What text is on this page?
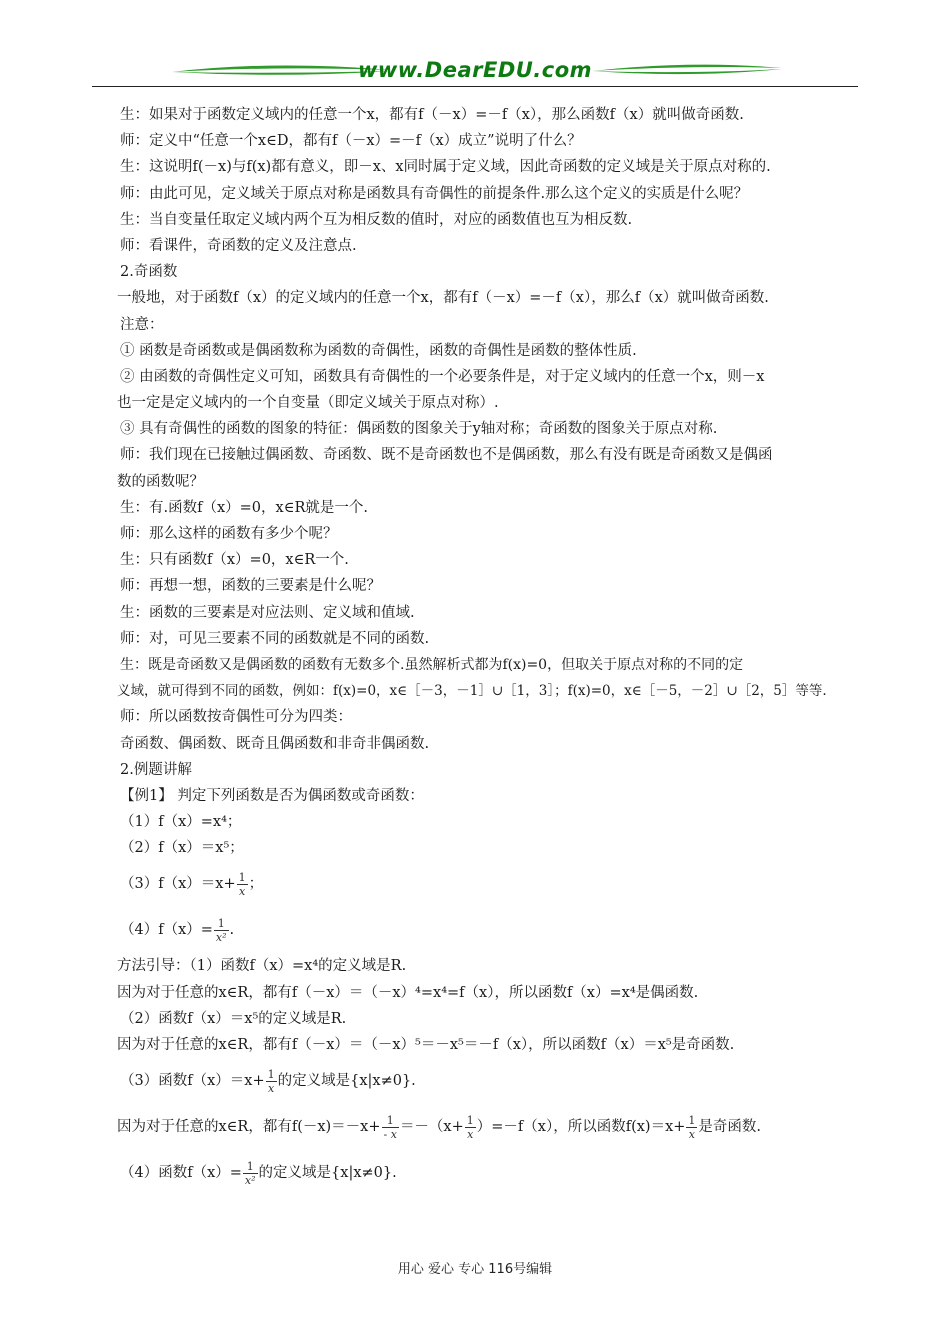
www.DearEDU.com
生：如果对于函数定义域内的任意一个x，都有f（－x）=－f（x），那么函数f（x）就叫做奇函数.
师：定义中“任意一个x∈D，都有f（－x）=－f（x）成立”说明了什么？
生：这说明f(－x)与f(x)都有意义，即－x、x同时属于定义域，因此奇函数的定义域是关于原点对称的.
师：由此可见，定义域关于原点对称是函数具有奇偶性的前提条件.那么这个定义的实质是什么呢？
生：当自变量任取定义域内两个互为相反数的值时，对应的函数值也互为相反数.
师：看课件，奇函数的定义及注意点.
2.奇函数
一般地，对于函数f（x）的定义域内的任意一个x，都有f（－x）=－f（x），那么f（x）就叫做奇函数.
注意：
① 函数是奇函数或是偶函数称为函数的奇偶性，函数的奇偶性是函数的整体性质.
② 由函数的奇偶性定义可知，函数具有奇偶性的一个必要条件是，对于定义域内的任意一个x，则－x
也一定是定义域内的一个自变量（即定义域关于原点对称）.
③ 具有奇偶性的函数的图象的特征：偶函数的图象关于y轴对称；奇函数的图象关于原点对称.
师：我们现在已接触过偶函数、奇函数、既不是奇函数也不是偶函数，那么有没有既是奇函数又是偶函
数的函数呢？
生：有.函数f（x）=0，x∈R就是一个.
师：那么这样的函数有多少个呢？
生：只有函数f（x）=0，x∈R一个.
师：再想一想，函数的三要素是什么呢？
生：函数的三要素是对应法则、定义域和值域.
师：对，可见三要素不同的函数就是不同的函数.
生：既是奇函数又是偶函数的函数有无数多个.虽然解析式都为f(x)=0，但取关于原点对称的不同的定
义域，就可得到不同的函数，例如：f(x)=0，x∈［－3，－1］∪［1，3］；f(x)=0，x∈［－5，－2］∪［2，5］等等.
师：所以函数按奇偶性可分为四类：
奇函数、偶函数、既奇且偶函数和非奇非偶函数.
2.例题讲解
【例1】 判定下列函数是否为偶函数或奇函数：
（1）f（x）=x⁴；
（2）f（x）＝x⁵；
$(3)f(x)=x+ \frac{1}{x}$ ；
$(4)f(x)= \frac{1}{\text{x²}}$ .
方法引导：（1）函数f（x）=x⁴的定义域是R.
因为对于任意的x∈R，都有f（－x）＝（－x）⁴=x⁴=f（x），所以函数f（x）=x⁴是偶函数.
（2）函数f（x）＝x⁵的定义域是R.
因为对于任意的x∈R，都有f（－x）＝（－x）⁵＝－x⁵＝－f（x），所以函数f（x）＝x⁵是奇函数.
（3）函数$f(x)=x+ \frac{1}{x}$ 的定义域是{x|x≠0}.
因为对于任意的x∈R，都有$f(-x)=-x+ \frac{1}{- x} =-(x+ \frac{1}{x} )=-f(x)$，所以函数$f(x)=x+ \frac{1}{x}$ 是奇函数.
（4）函数$f(x)= \frac{1}{\text{x²}}$ 的定义域是{x|x≠0}.
用心 爱心 专心 116号编辑
